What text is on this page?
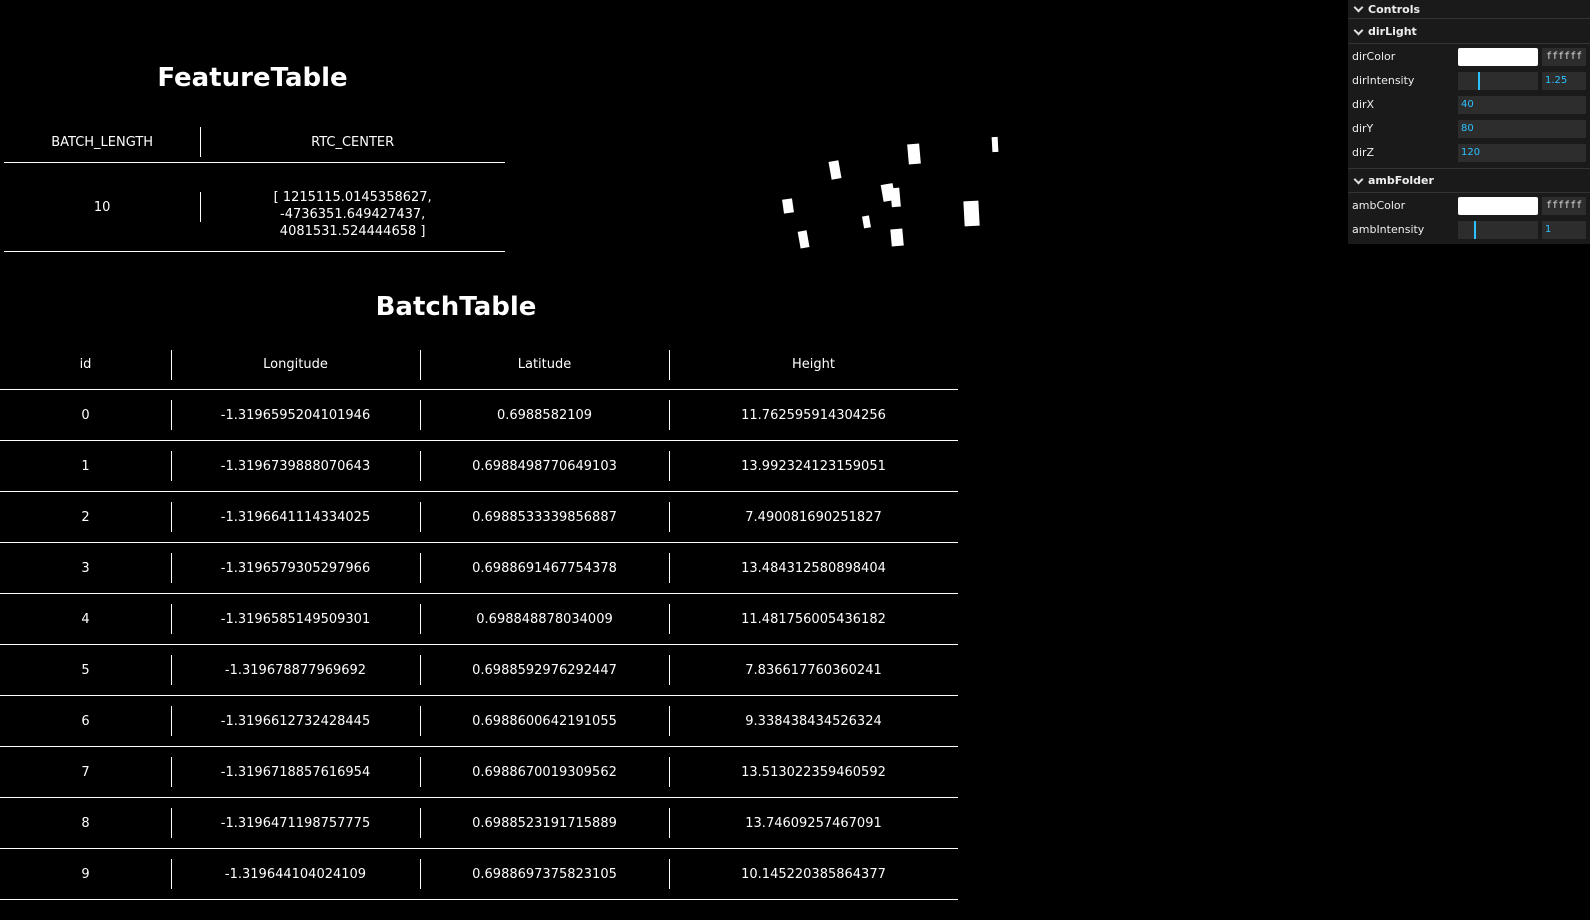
FeatureTable
BATCH_LENGTH	RTC_CENTER
10	[ 1215115.0145358627,
-4736351.649427437,
4081531.524444658 ]
BatchTable
id	Longitude	Latitude	Height
0	-1.3196595204101946	0.6988582109	11.762595914304256
1	-1.3196739888070643	0.6988498770649103	13.992324123159051
2	-1.3196641114334025	0.6988533339856887	7.490081690251827
3	-1.3196579305297966	0.6988691467754378	13.484312580898404
4	-1.3196585149509301	0.698848878034009	11.481756005436182
5	-1.319678877969692	0.6988592976292447	7.836617760360241
6	-1.3196612732428445	0.6988600642191055	9.338438434526324
7	-1.3196718857616954	0.6988670019309562	13.513022359460592
8	-1.3196471198757775	0.6988523191715889	13.74609257467091
9	-1.319644104024109	0.6988697375823105	10.145220385864377
Controls
dirLight
dirColor	ffffff
dirIntensity	1.25
dirX	40
dirY	80
dirZ	120
ambFolder
ambColor	ffffff
ambIntensity	1
